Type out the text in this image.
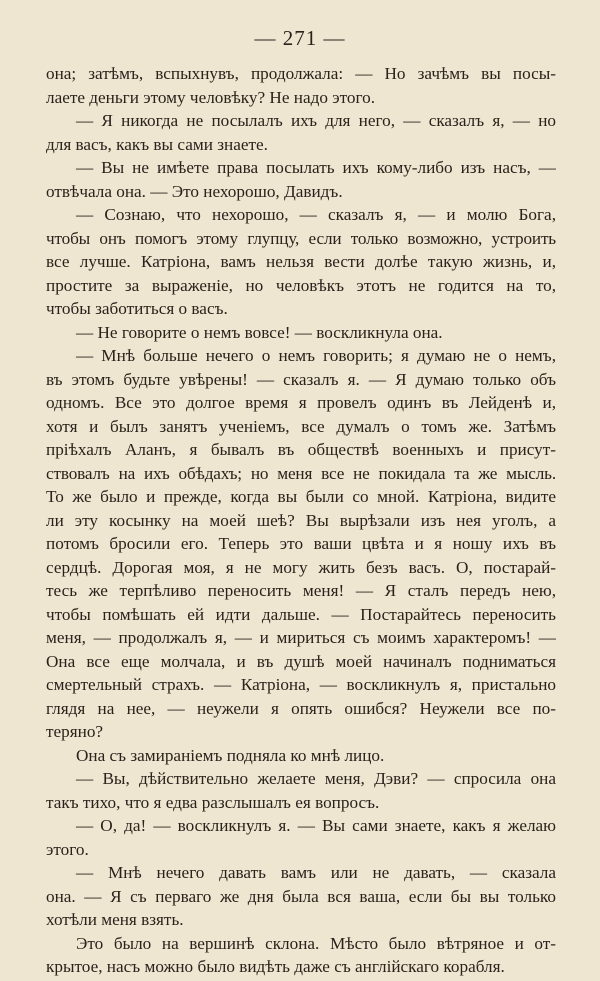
— 271 —
она; затѣмъ, вспыхнувъ, продолжала: — Но зачѣмъ вы посы-
лаете деньги этому человѣку? Не надо этого.
— Я никогда не посылалъ ихъ для него, — сказалъ я, — но
для васъ, какъ вы сами знаете.
— Вы не имѣете права посылать ихъ кому-либо изъ насъ, —
отвѣчала она. — Это нехорошо, Давидъ.
— Сознаю, что нехорошо, — сказалъ я, — и молю Бога,
чтобы онъ помогъ этому глупцу, если только возможно, устроить
все лучше. Катріона, вамъ нельзя вести долѣе такую жизнь, и,
простите за выраженіе, но человѣкъ этотъ не годится на то,
чтобы заботиться о васъ.
— Не говорите о немъ вовсе! — воскликнула она.
— Мнѣ больше нечего о немъ говорить; я думаю не о немъ,
въ этомъ будьте увѣрены! — сказалъ я. — Я думаю только объ
одномъ. Все это долгое время я провелъ одинъ въ Лейденѣ и,
хотя и былъ занятъ ученіемъ, все думалъ о томъ же. Затѣмъ
пріѣхалъ Аланъ, я бывалъ въ обществѣ военныхъ и присут-
ствовалъ на ихъ обѣдахъ; но меня все не покидала та же мысль.
То же было и прежде, когда вы были со мной. Катріона, видите
ли эту косынку на моей шеѣ? Вы вырѣзали изъ нея уголъ, а
потомъ бросили его. Теперь это ваши цвѣта и я ношу ихъ въ
сердцѣ. Дорогая моя, я не могу жить безъ васъ. О, постарай-
тесь же терпѣливо переносить меня! — Я сталъ передъ нею,
чтобы помѣшать ей идти дальше. — Постарайтесь переносить
меня, — продолжалъ я, — и мириться съ моимъ характеромъ! —
Она все еще молчала, и въ душѣ моей начиналъ подниматься
смертельный страхъ. — Катріона, — воскликнулъ я, пристально
глядя на нее, — неужели я опять ошибся? Неужели все по-
теряно?
Она съ замираніемъ подняла ко мнѣ лицо.
— Вы, дѣйствительно желаете меня, Дэви? — спросила она
такъ тихо, что я едва разслышалъ ея вопросъ.
— О, да! — воскликнулъ я. — Вы сами знаете, какъ я желаю
этого.
— Мнѣ нечего давать вамъ или не давать, — сказала
она. — Я съ перваго же дня была вся ваша, если бы вы только
хотѣли меня взять.
Это было на вершинѣ склона. Мѣсто было вѣтряное и от-
крытое, насъ можно было видѣть даже съ англійскаго корабля.
